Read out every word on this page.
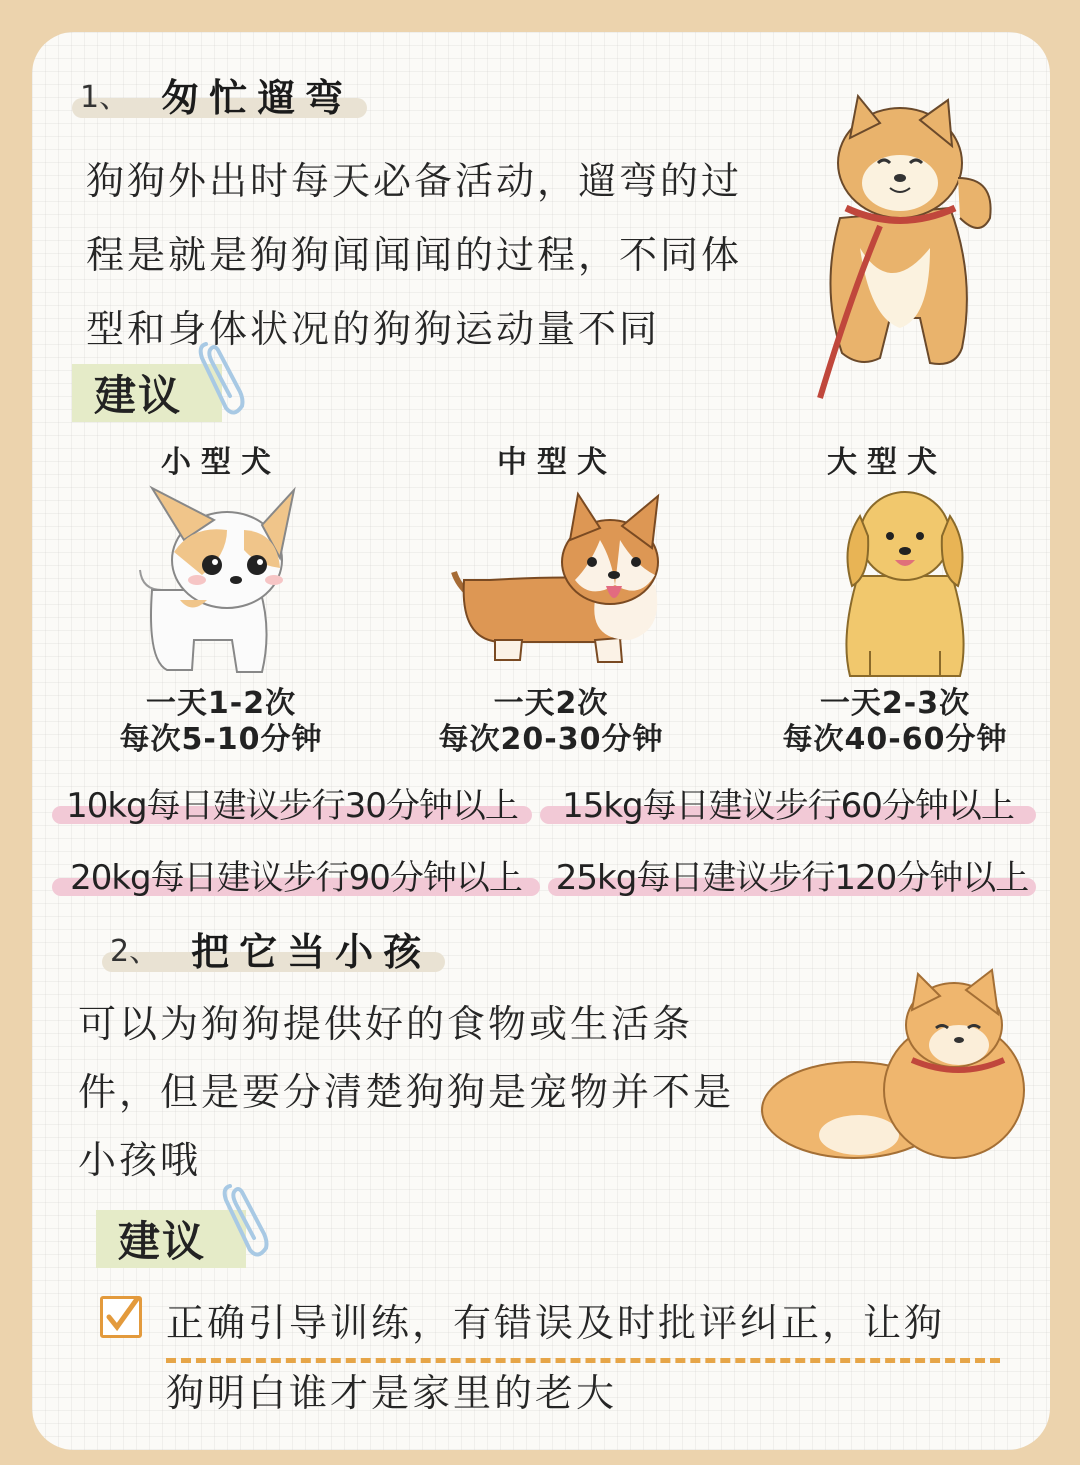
1、 匆忙遛弯

狗狗外出时每天必备活动，遛弯的过

程是就是狗狗闻闻闻的过程，不同体

型和身体状况的狗狗运动量不同

建议
小型犬	中型犬	大型犬
一天1-2次
每次5-10分钟
一天2次
每次20-30分钟
一天2-3次
每次40-60分钟
10kg每日建议步行30分钟以上 15kg每日建议步行60分钟以上
20kg每日建议步行90分钟以上 25kg每日建议步行120分钟以上
2、 把它当小孩

可以为狗狗提供好的食物或生活条

件，但是要分清楚狗狗是宠物并不是

小孩哦

建议

正确引导训练，有错误及时批评纠正，让狗

狗明白谁才是家里的老大
